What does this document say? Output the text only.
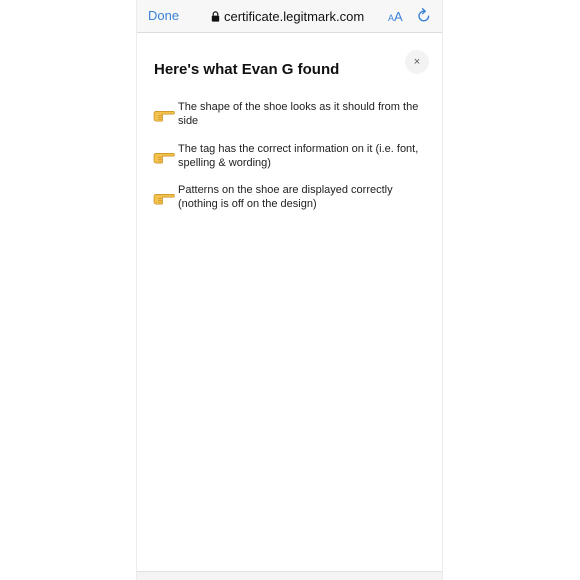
Done	certificate.legitmark.com	AA
×
Here's what Evan G found
The shape of the shoe looks as it should from the side
The tag has the correct information on it (i.e. font, spelling & wording)
Patterns on the shoe are displayed correctly (nothing is off on the design)
